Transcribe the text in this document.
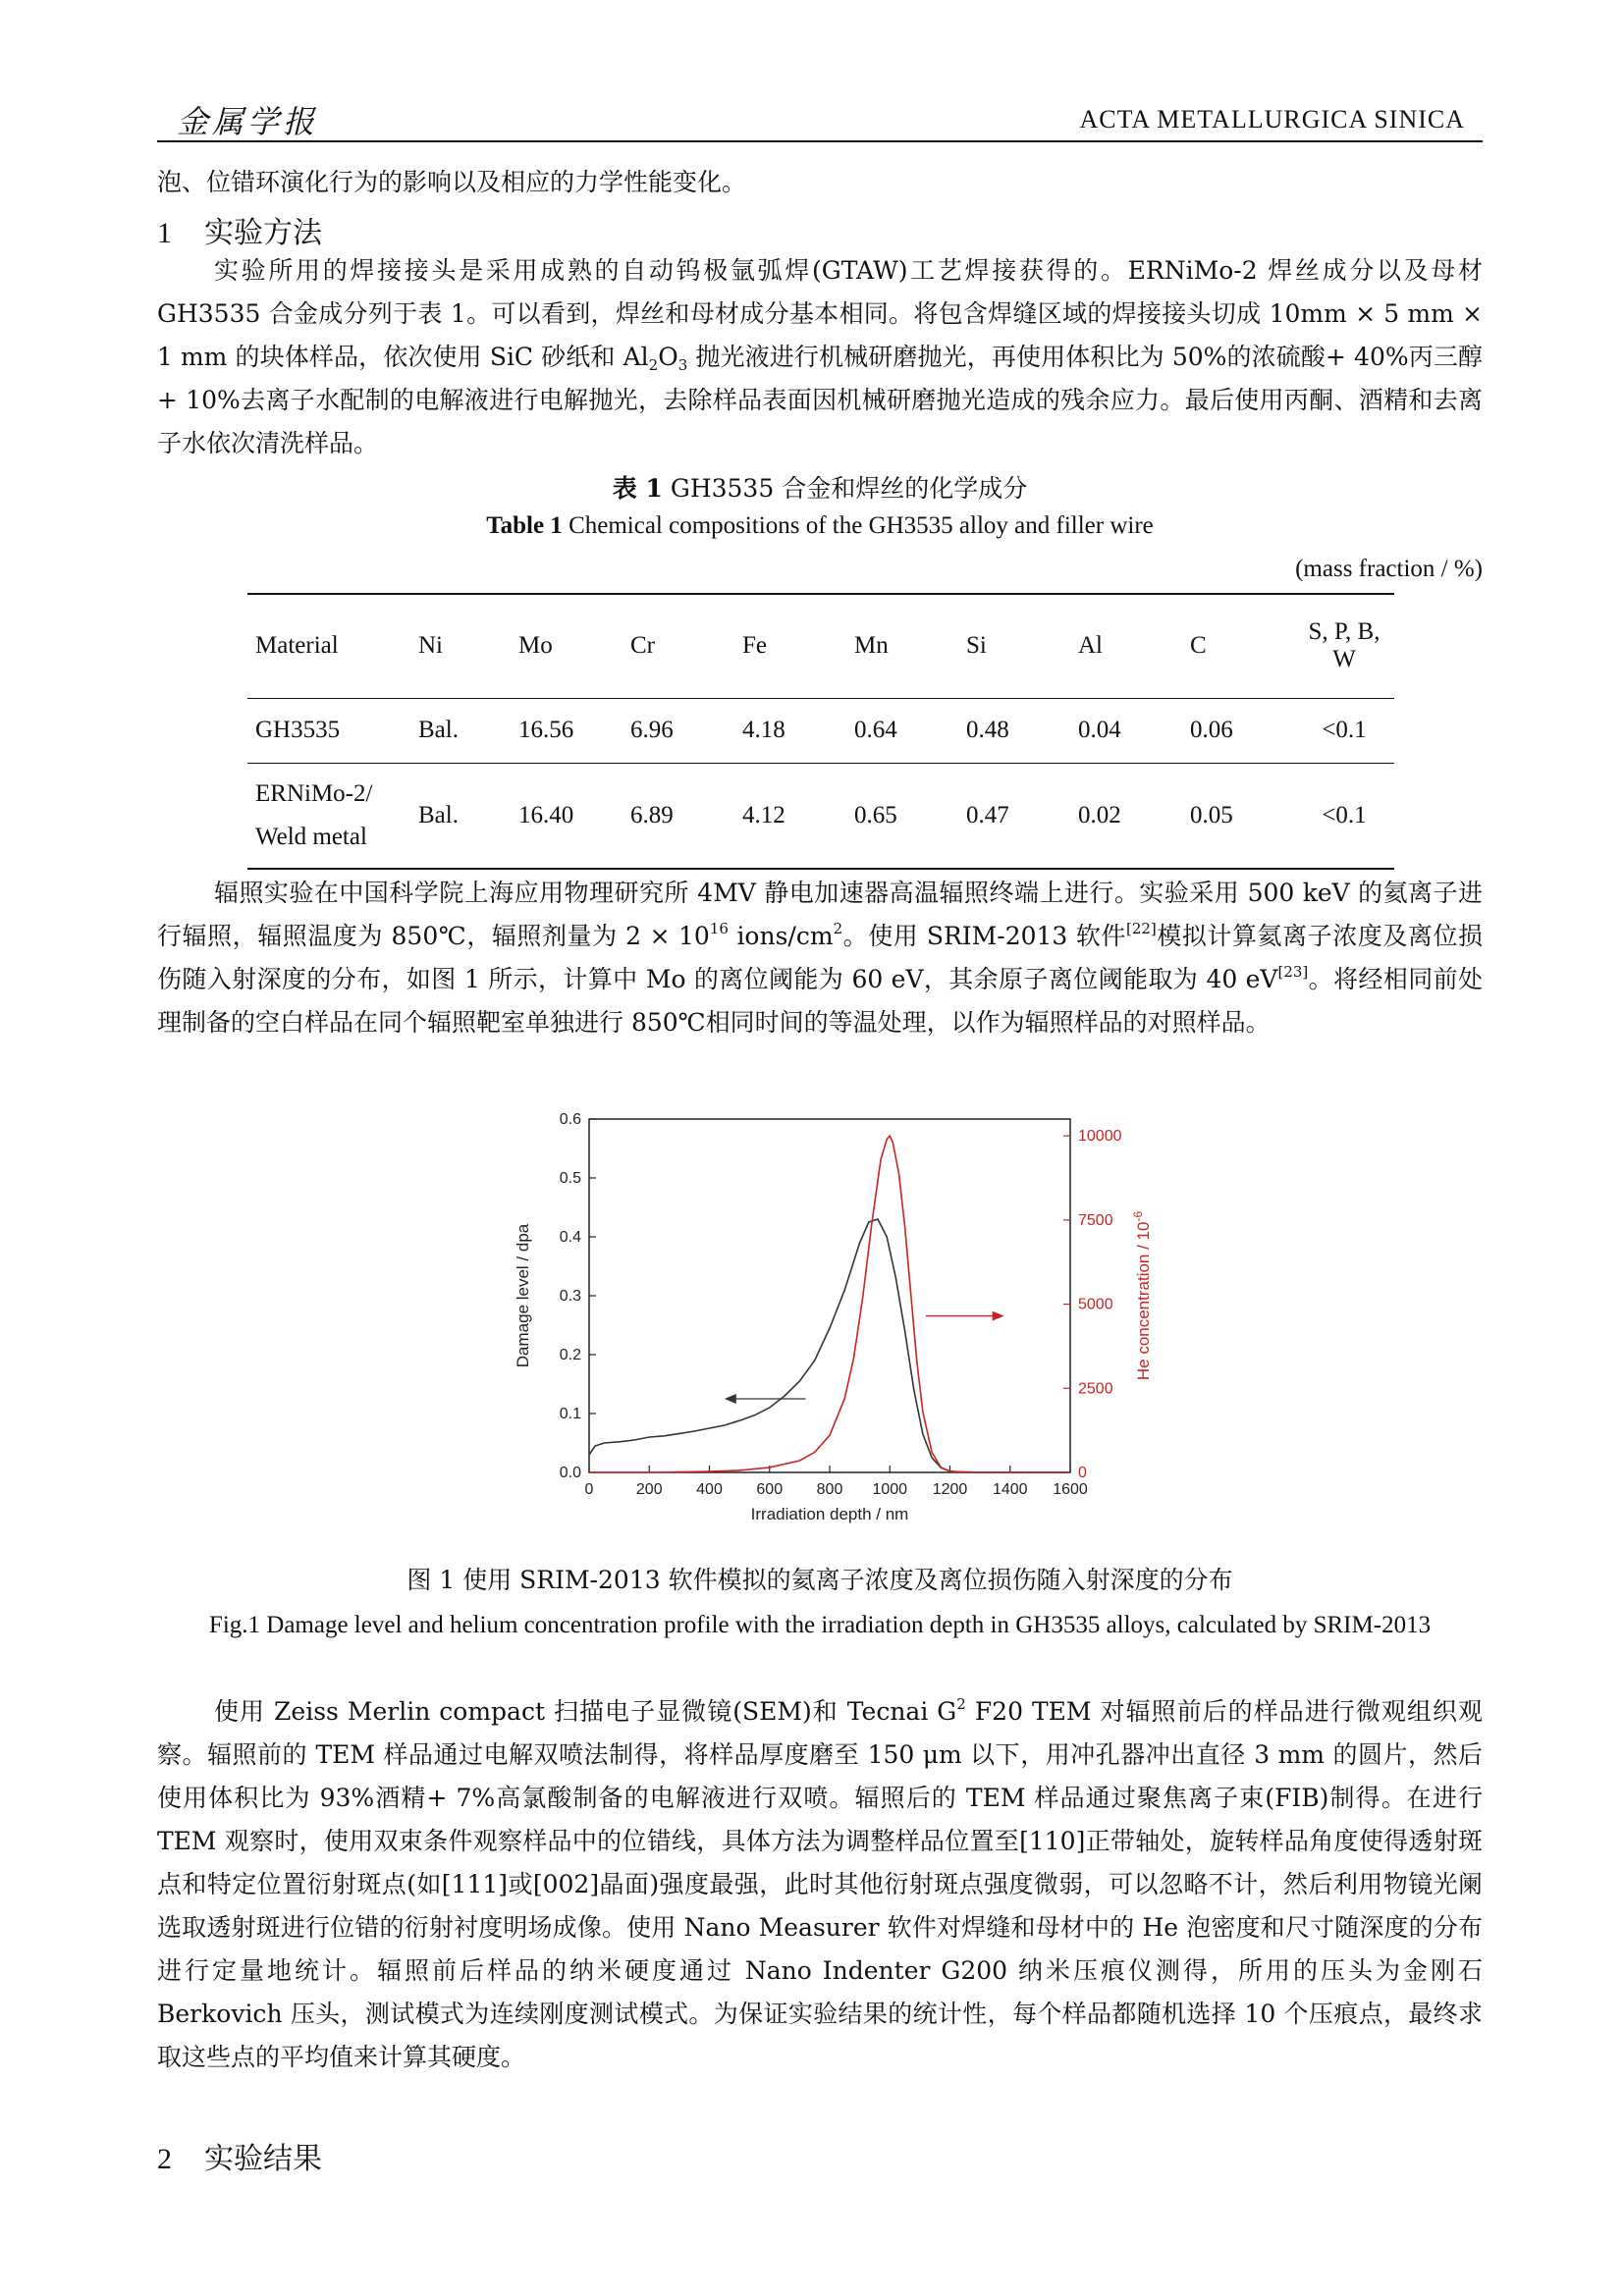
金属学报	ACTA METALLURGICA SINICA
泡、位错环演化行为的影响以及相应的力学性能变化。
1 实验方法
实验所用的焊接接头是采用成熟的自动钨极氩弧焊(GTAW)工艺焊接获得的。ERNiMo-2 焊丝成分以及母材 GH3535 合金成分列于表 1。可以看到，焊丝和母材成分基本相同。将包含焊缝区域的焊接接头切成 10mm × 5 mm × 1 mm 的块体样品，依次使用 SiC 砂纸和 $Al_2O_3$ 抛光液进行机械研磨抛光，再使用体积比为 50%的浓硫酸+ 40%丙三醇+ 10%去离子水配制的电解液进行电解抛光，去除样品表面因机械研磨抛光造成的残余应力。最后使用丙酮、酒精和去离子水依次清洗样品。
表 1 GH3535 合金和焊丝的化学成分
Table 1 Chemical compositions of the GH3535 alloy and filler wire
(mass fraction / %)
Material	Ni	Mo	Cr	Fe	Mn	Si	Al	C	S, P, B, W
GH3535	Bal.	16.56	6.96	4.18	0.64	0.48	0.04	0.06	<0.1
ERNiMo-2/
Weld metal	Bal.	16.40	6.89	4.12	0.65	0.47	0.02	0.05	<0.1
辐照实验在中国科学院上海应用物理研究所 4MV 静电加速器高温辐照终端上进行。实验采用 500 keV 的氦离子进行辐照，辐照温度为 850℃，辐照剂量为 $2 \times 10^{16}$ ions/$cm^2$。使用 SRIM-2013 软件[22]模拟计算氦离子浓度及离位损伤随入射深度的分布，如图 1 所示，计算中 Mo 的离位阈能为 60 eV，其余原子离位阈能取为 40 eV[23]。将经相同前处理制备的空白样品在同个辐照靶室单独进行 850℃相同时间的等温处理，以作为辐照样品的对照样品。
0	200 400 600 800 1000 1200 1400 1600
0.0
0.1
0.2
0.3
0.4
0.5
0.6
0
2500
5000
7500
10000
Irradiation depth / nm
Damage level / dpa	He concentration / $10^{-6}$
图 1 使用 SRIM-2013 软件模拟的氦离子浓度及离位损伤随入射深度的分布
Fig.1 Damage level and helium concentration profile with the irradiation depth in GH3535 alloys, calculated by SRIM-2013
使用 Zeiss Merlin compact 扫描电子显微镜(SEM)和 Tecnai $G^2$ F20 TEM 对辐照前后的样品进行微观组织观察。辐照前的 TEM 样品通过电解双喷法制得，将样品厚度磨至 150 μm 以下，用冲孔器冲出直径 3 mm 的圆片，然后使用体积比为 93%酒精+ 7%高氯酸制备的电解液进行双喷。辐照后的 TEM 样品通过聚焦离子束(FIB)制得。在进行 TEM 观察时，使用双束条件观察样品中的位错线，具体方法为调整样品位置至[110]正带轴处，旋转样品角度使得透射斑点和特定位置衍射斑点(如[111]或[002]晶面)强度最强，此时其他衍射斑点强度微弱，可以忽略不计，然后利用物镜光阑选取透射斑进行位错的衍射衬度明场成像。使用 Nano Measurer 软件对焊缝和母材中的 He 泡密度和尺寸随深度的分布进行定量地统计。辐照前后样品的纳米硬度通过 Nano Indenter G200 纳米压痕仪测得，所用的压头为金刚石 Berkovich 压头，测试模式为连续刚度测试模式。为保证实验结果的统计性，每个样品都随机选择 10 个压痕点，最终求取这些点的平均值来计算其硬度。
2 实验结果
